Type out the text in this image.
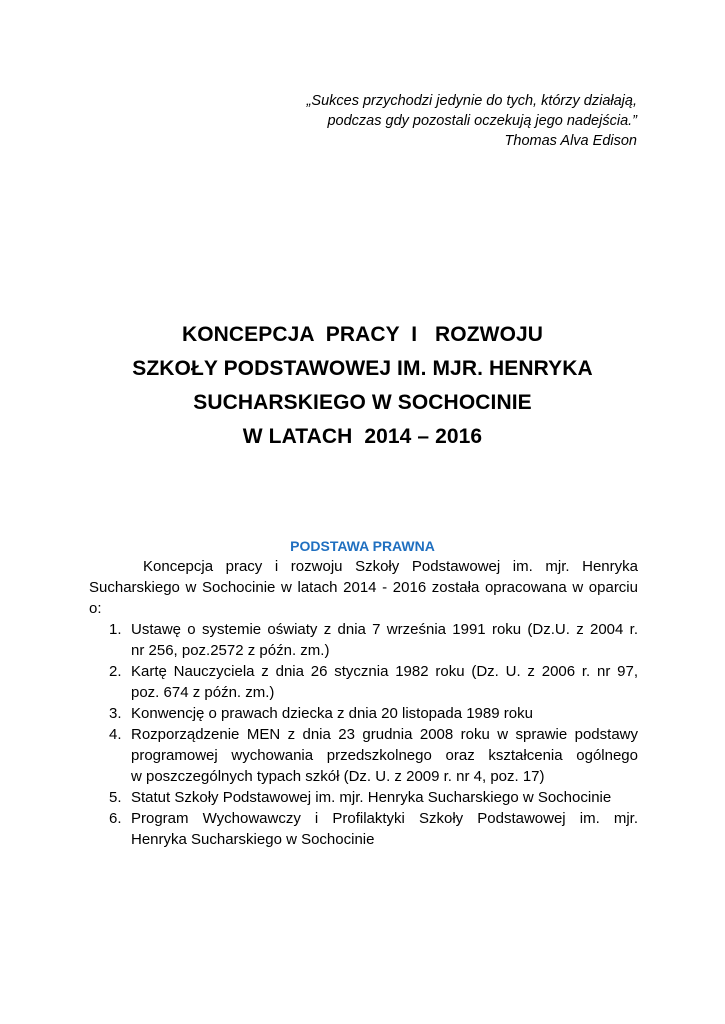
„Sukces przychodzi jedynie do tych, którzy działają,
podczas gdy pozostali oczekują jego nadejścia.”
Thomas Alva Edison
KONCEPCJA  PRACY  I   ROZWOJU
SZKOŁY PODSTAWOWEJ IM. MJR. HENRYKA
SUCHARSKIEGO W SOCHOCINIE
W LATACH  2014 – 2016
PODSTAWA PRAWNA
Koncepcja pracy i rozwoju Szkoły Podstawowej im. mjr. Henryka
Sucharskiego w Sochocinie w latach 2014 - 2016 została opracowana w oparciu
o:
1. Ustawę o systemie oświaty z dnia 7 września 1991 roku (Dz.U. z 2004 r.
nr 256, poz.2572 z późn. zm.)
2. Kartę Nauczyciela z dnia 26 stycznia 1982 roku (Dz. U. z 2006 r. nr 97,
poz. 674 z późn. zm.)
3. Konwencję o prawach dziecka z dnia 20 listopada 1989 roku
4. Rozporządzenie MEN z dnia 23 grudnia 2008 roku w sprawie podstawy
programowej wychowania przedszkolnego oraz kształcenia ogólnego
w poszczególnych typach szkół (Dz. U. z 2009 r. nr 4, poz. 17)
5. Statut Szkoły Podstawowej im. mjr. Henryka Sucharskiego w Sochocinie
6. Program Wychowawczy i Profilaktyki Szkoły Podstawowej im. mjr.
Henryka Sucharskiego w Sochocinie
